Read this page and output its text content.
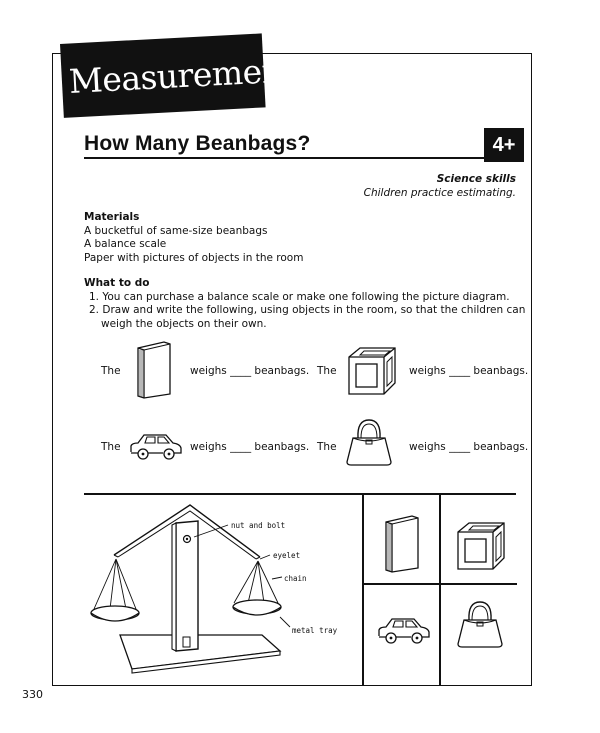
Measurement
How Many Beanbags?	4+
Science skills
Children practice estimating.
Materials
A bucketful of same-size beanbags
A balance scale
Paper with pictures of objects in the room
What to do
1. You can purchase a balance scale or make one following the picture diagram.
2. Draw and write the following, using objects in the room, so that the children can weigh the objects on their own.
The	weighs ____ beanbags. The	weighs ____ beanbags.
The	weighs ____ beanbags. The	weighs ____ beanbags.
nut and bolt
eyelet
chain
metal tray
330
